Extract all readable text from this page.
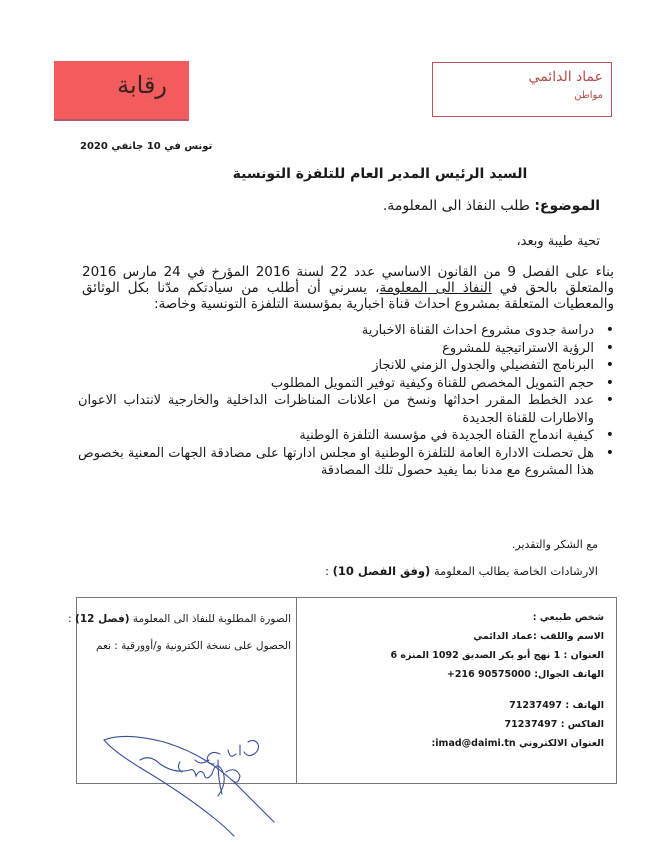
رقابة	عماد الدائمي
مواطن
تونس في 10 جانفي 2020
السيد الرئيس المدير العام للتلفزة التونسية
الموضوع: طلب النفاذ الى المعلومة.
تحية طيبة وبعد،
بناء على الفصل 9 من القانون الاساسي عدد 22 لسنة 2016 المؤرخ في 24 مارس 2016 والمتعلق بالحق في النفاذ الى المعلومة، يسرني أن أطلب من سيادتكم مدّنا بكل الوثائق والمعطيات المتعلقة بمشروع احداث قناة اخبارية بمؤسسة التلفزة التونسية وخاصة:
• دراسة جدوى مشروع احداث القناة الاخبارية
• الرؤية الاستراتيجية للمشروع
• البرنامج التفصيلي والجدول الزمني للانجاز
• حجم التمويل المخصص للقناة وكيفية توفير التمويل المطلوب
• عدد الخطط المقرر احداثها ونسخ من اعلانات المناظرات الداخلية والخارجية لانتداب الاعوان والاطارات للقناة الجديدة
• كيفية اندماج القناة الجديدة في مؤسسة التلفزة الوطنية
• هل تحصلت الادارة العامة للتلفزة الوطنية او مجلس ادارتها على مصادقة الجهات المعنية بخصوص هذا المشروع مع مدنا بما يفيد حصول تلك المصادقة
مع الشكر والتقدير.
الارشادات الخاصة بطالب المعلومة (وفق الفصل 10) :
شخص طبيعي :
الاسم واللقب :عماد الدائمي
العنوان : 1 نهج أبو بكر الصديق 1092 المنزه 6
الهاتف الجوال: 90575000 216+
الهاتف : 71237497
الفاكس : 71237497
العنوان الالكتروني imad@daimi.tn:
الصورة المطلوبة للنفاذ الى المعلومة (فصل 12) :
الحصول على نسخة الكترونية و/أوورقية : نعم
